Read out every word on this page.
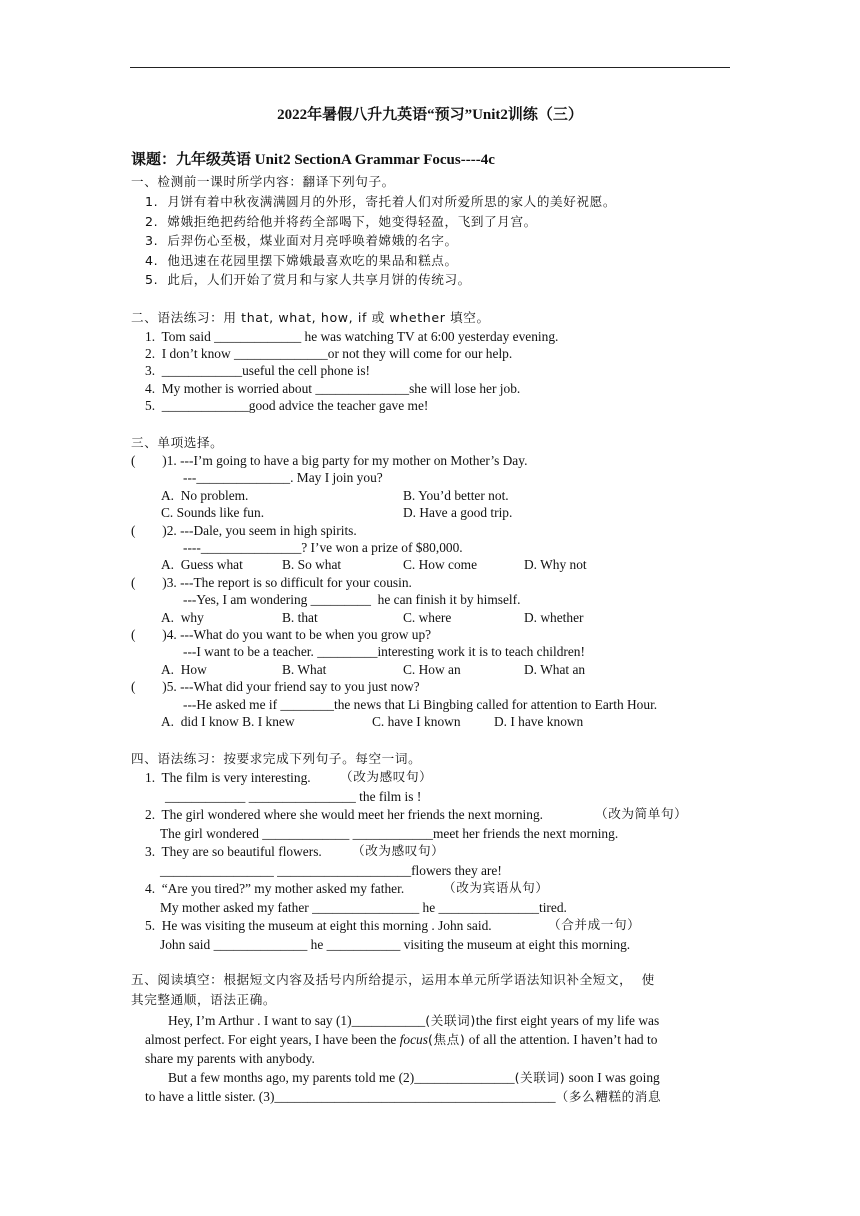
2022年暑假八升九英语“预习”Unit2训练（三）
课题：九年级英语 Unit2 SectionA Grammar Focus----4c
一、检测前一课时所学内容：翻译下列句子。
1.  月饼有着中秋夜满满圆月的外形，寄托着人们对所爱所思的家人的美好祝愿。
2.  嫦娥拒绝把药给他并将药全部喝下，她变得轻盈，飞到了月宫。
3.  后羿伤心至极，煤业面对月亮呼唤着嫦娥的名字。
4.  他迅速在花园里摆下嫦娥最喜欢吃的果品和糕点。
5.  此后，人们开始了赏月和与家人共享月饼的传统习。
二、语法练习：用 that, what, how, if 或 whether 填空。
1.  Tom said _____________ he was watching TV at 6:00 yesterday evening.
2.  I don’t know ______________or not they will come for our help.
3.  ____________useful the cell phone is!
4.  My mother is worried about ______________she will lose her job.
5.  _____________good advice the teacher gave me!
三、单项选择。
(        )1. ---I’m going to have a big party for my mother on Mother’s Day.
---______________. May I join you?
A.  No problem.	B. You’d better not.
C. Sounds like fun.	D. Have a good trip.
(        )2. ---Dale, you seem in high spirits.
----_______________? I’ve won a prize of $80,000.
A.  Guess what	B. So what	C. How come	D. Why not
(        )3. ---The report is so difficult for your cousin.
---Yes, I am wondering _________  he can finish it by himself.
A.  why	B. that	C. where	D. whether
(        )4. ---What do you want to be when you grow up?
---I want to be a teacher. _________interesting work it is to teach children!
A.  How	B. What	C. How an	D. What an
(        )5. ---What did your friend say to you just now?
---He asked me if ________the news that Li Bingbing called for attention to Earth Hour.
A.  did I know B. I knew	C. have I known D. I have known
四、语法练习：按要求完成下列句子。每空一词。
1.  The film is very interesting. （改为感叹句）
____________ ________________ the film is !
2.  The girl wondered where she would meet her friends the next morning.	（改为简单句）
The girl wondered _____________ ____________meet her friends the next morning.
3.  They are so beautiful flowers. （改为感叹句）
_________________ ____________________flowers they are!
4.  “Are you tired?” my mother asked my father.	（改为宾语从句）
My mother asked my father ________________ he _______________tired.
5.  He was visiting the museum at eight this morning . John said.	（合并成一句）
John said ______________ he ___________ visiting the museum at eight this morning.
五、阅读填空：根据短文内容及括号内所给提示，运用本单元所学语法知识补全短文，  使
其完整通顺，语法正确。
Hey, I’m Arthur . I want to say (1)___________(关联词)the first eight years of my life was
almost perfect. For eight years, I have been the focus(焦点) of all the attention. I haven’t had to
share my parents with anybody.
But a few months ago, my parents told me (2)_______________(关联词) soon I was going
to have a little sister. (3)__________________________________________（多么糟糕的消息
